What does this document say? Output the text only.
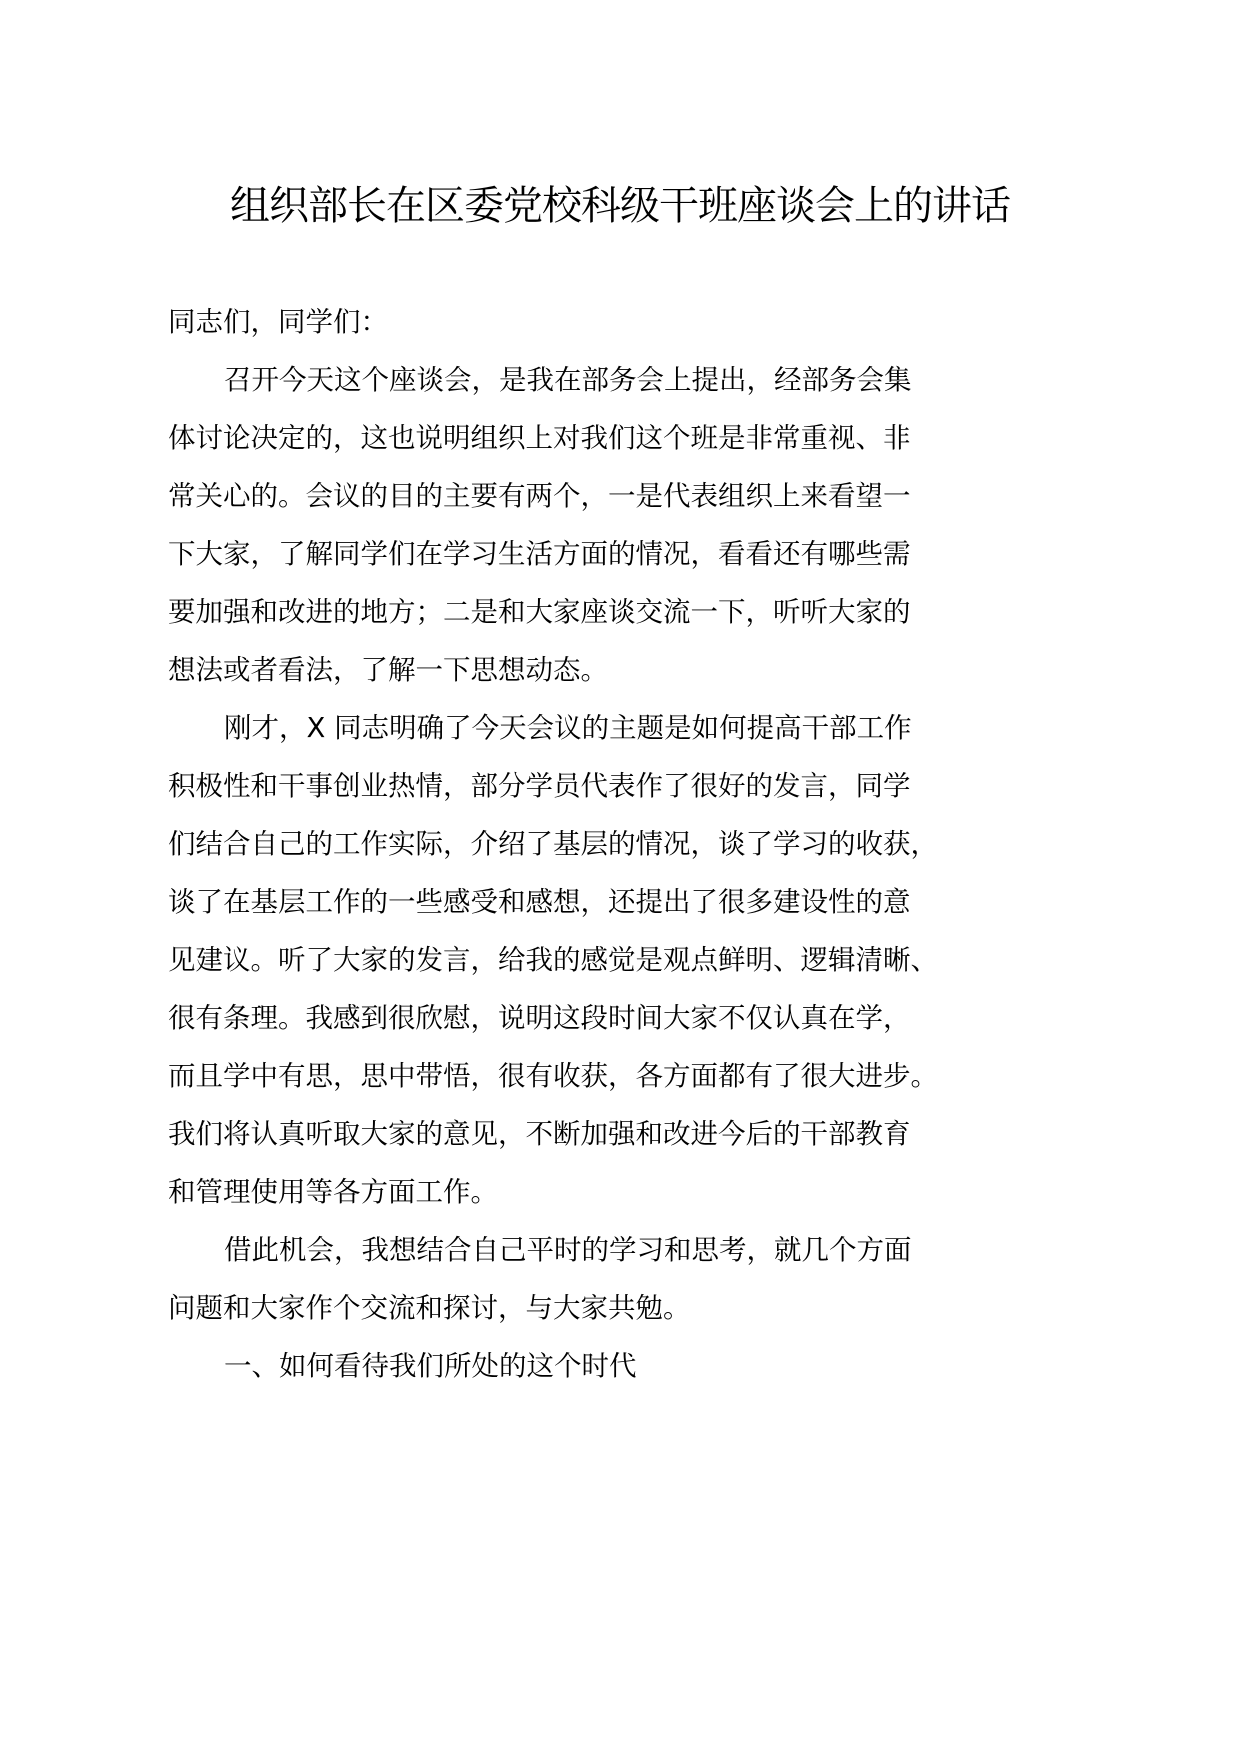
组织部长在区委党校科级干班座谈会上的讲话
同志们，同学们：
召开今天这个座谈会，是我在部务会上提出，经部务会集
体讨论决定的，这也说明组织上对我们这个班是非常重视、非
常关心的。会议的目的主要有两个，一是代表组织上来看望一
下大家，了解同学们在学习生活方面的情况，看看还有哪些需
要加强和改进的地方；二是和大家座谈交流一下，听听大家的
想法或者看法，了解一下思想动态。
刚才，X 同志明确了今天会议的主题是如何提高干部工作
积极性和干事创业热情，部分学员代表作了很好的发言，同学
们结合自己的工作实际，介绍了基层的情况，谈了学习的收获，
谈了在基层工作的一些感受和感想，还提出了很多建设性的意
见建议。听了大家的发言，给我的感觉是观点鲜明、逻辑清晰、
很有条理。我感到很欣慰，说明这段时间大家不仅认真在学，
而且学中有思，思中带悟，很有收获，各方面都有了很大进步。
我们将认真听取大家的意见，不断加强和改进今后的干部教育
和管理使用等各方面工作。
借此机会，我想结合自己平时的学习和思考，就几个方面
问题和大家作个交流和探讨，与大家共勉。
一、如何看待我们所处的这个时代
